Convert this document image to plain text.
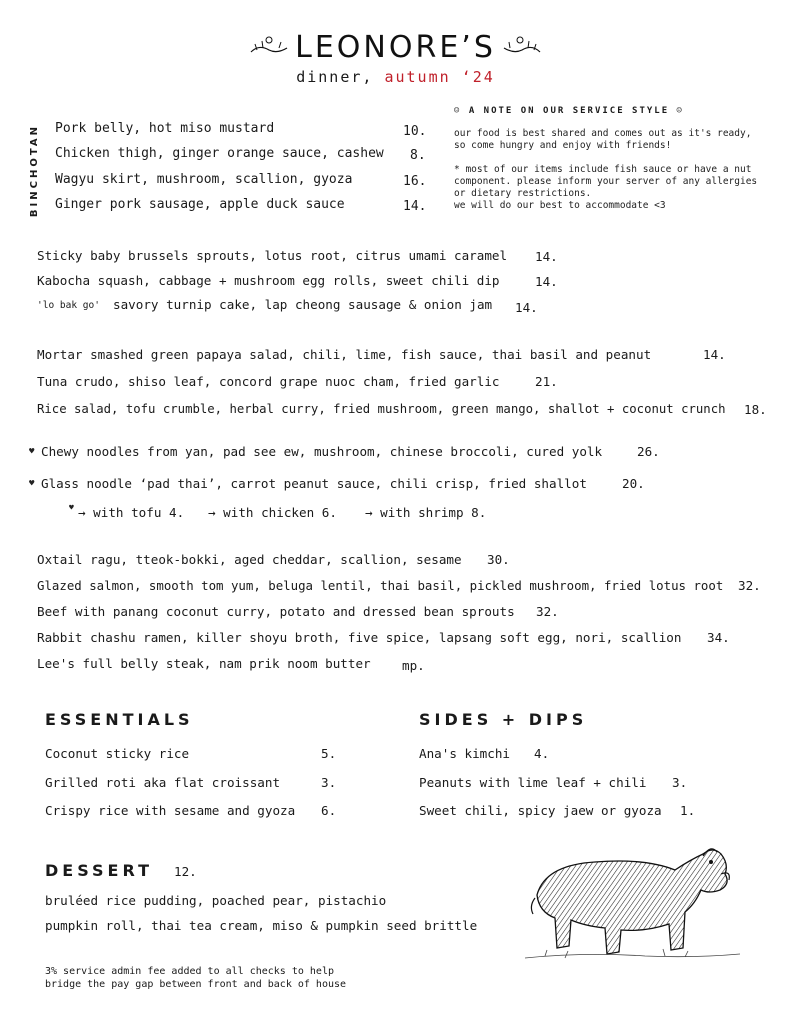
LEONORE’S
dinner, autumn ‘24
BINCHOTAN	Pork belly, hot miso mustard	10.
Chicken thigh, ginger orange sauce, cashew 8.
Wagyu skirt, mushroom, scallion, gyoza	16.
Ginger pork sausage, apple duck sauce	14.
☺ A NOTE ON OUR SERVICE STYLE ☺
our food is best shared and comes out as it's ready, so come hungry and enjoy with friends!
* most of our items include fish sauce or have a nut component. please inform your server of any allergies or dietary restrictions.
we will do our best to accommodate <3
Sticky baby brussels sprouts, lotus root, citrus umami caramel 14.
Kabocha squash, cabbage + mushroom egg rolls, sweet chili dip	14.
'lo bak go' savory turnip cake, lap cheong sausage & onion jam 14.
Mortar smashed green papaya salad, chili, lime, fish sauce, thai basil and peanut	14.
Tuna crudo, shiso leaf, concord grape nuoc cham, fried garlic	21.
Rice salad, tofu crumble, herbal curry, fried mushroom, green mango, shallot + coconut crunch 18.
♥ Chewy noodles from yan, pad see ew, mushroom, chinese broccoli, cured yolk	26.
♥ Glass noodle ‘pad thai’, carrot peanut sauce, chili crisp, fried shallot	20.
♥ → with tofu 4. → with chicken 6. → with shrimp 8.
Oxtail ragu, tteok-bokki, aged cheddar, scallion, sesame 30.
Glazed salmon, smooth tom yum, beluga lentil, thai basil, pickled mushroom, fried lotus root 32.
Beef with panang coconut curry, potato and dressed bean sprouts 32.
Rabbit chashu ramen, killer shoyu broth, five spice, lapsang soft egg, nori, scallion 34.
Lee's full belly steak, nam prik noom butter mp.
ESSENTIALS
Coconut sticky rice	5.
Grilled roti aka flat croissant	3.
Crispy rice with sesame and gyoza 6.
SIDES + DIPS
Ana's kimchi 4.
Peanuts with lime leaf + chili 3.
Sweet chili, spicy jaew or gyoza 1.
DESSERT 12.
bruléed rice pudding, poached pear, pistachio
pumpkin roll, thai tea cream, miso & pumpkin seed brittle
3% service admin fee added to all checks to help
bridge the pay gap between front and back of house
